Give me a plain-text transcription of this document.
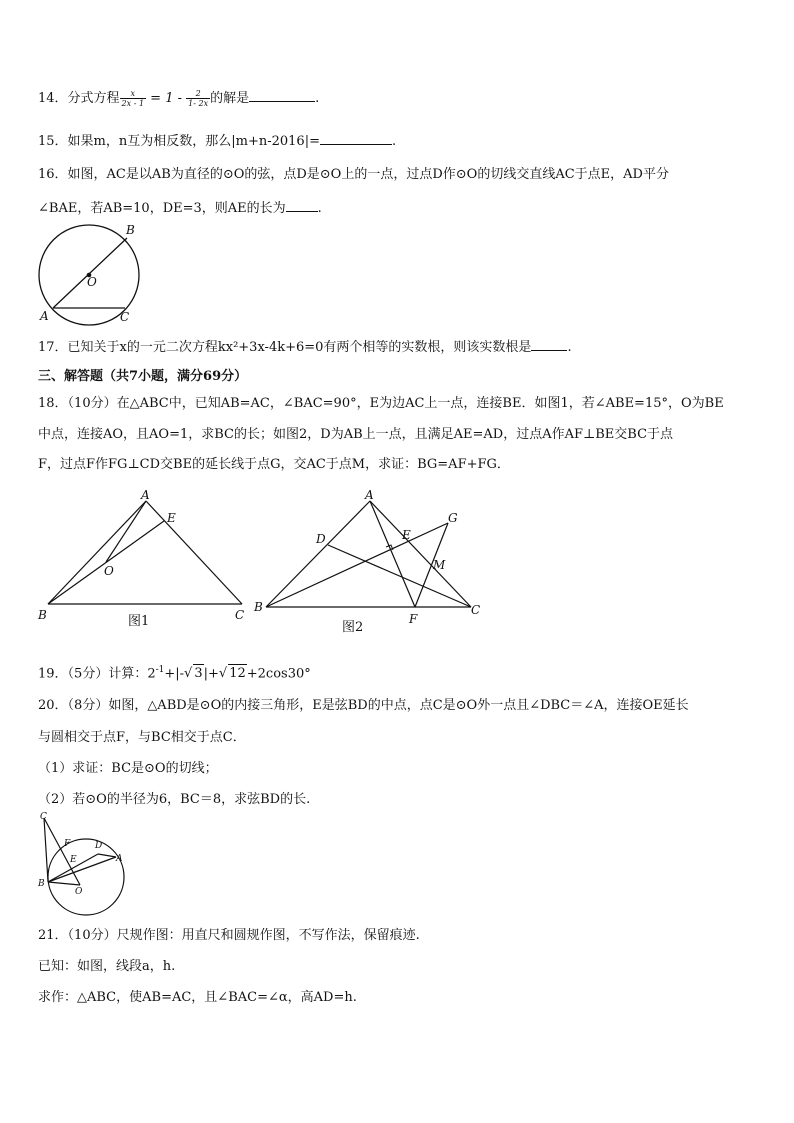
14．分式方程 $\frac{x}{2x - 1} = 1 - \frac{2}{1- 2x}$ 的解是	.
15．如果m，n互为相反数，那么|m+n-2016|=	.
16．如图，AC是以AB为直径的⊙O的弦，点D是⊙O上的一点，过点D作⊙O的切线交直线AC于点E，AD平分
∠BAE，若AB=10，DE=3，则AE的长为 .
B
O
A	C
17．已知关于x的一元二次方程kx²+3x-4k+6=0有两个相等的实数根，则该实数根是	.
三、解答题（共7小题，满分69分）
18．（10分）在△ABC中，已知AB=AC，∠BAC=90°，E为边AC上一点，连接BE．如图1，若∠ABE=15°，O为BE
中点，连接AO，且AO=1，求BC的长；如图2，D为AB上一点，且满足AE=AD，过点A作AF⊥BE交BC于点
F，过点F作FG⊥CD交BE的延长线于点G，交AC于点M，求证：BG=AF+FG．
A
E
O
B	C
图1
A
G
D	E
M
B
F
C
图2
19．（5分）计算：$2^{-1}+|-√$ 3|+√ 12+2cos30°
20．（8分）如图，△ABD是⊙O的内接三角形，E是弦BD的中点，点C是⊙O外一点且∠DBC＝∠A，连接OE延长
与圆相交于点F，与BC相交于点C．
（1）求证：BC是⊙O的切线；
（2）若⊙O的半径为6，BC＝8，求弦BD的长.
C
F	D
E	A
B
O
21．（10分）尺规作图：用直尺和圆规作图，不写作法，保留痕迹.
已知：如图，线段a，h.
求作：△ABC，使AB=AC，且∠BAC=∠α，高AD=h.
